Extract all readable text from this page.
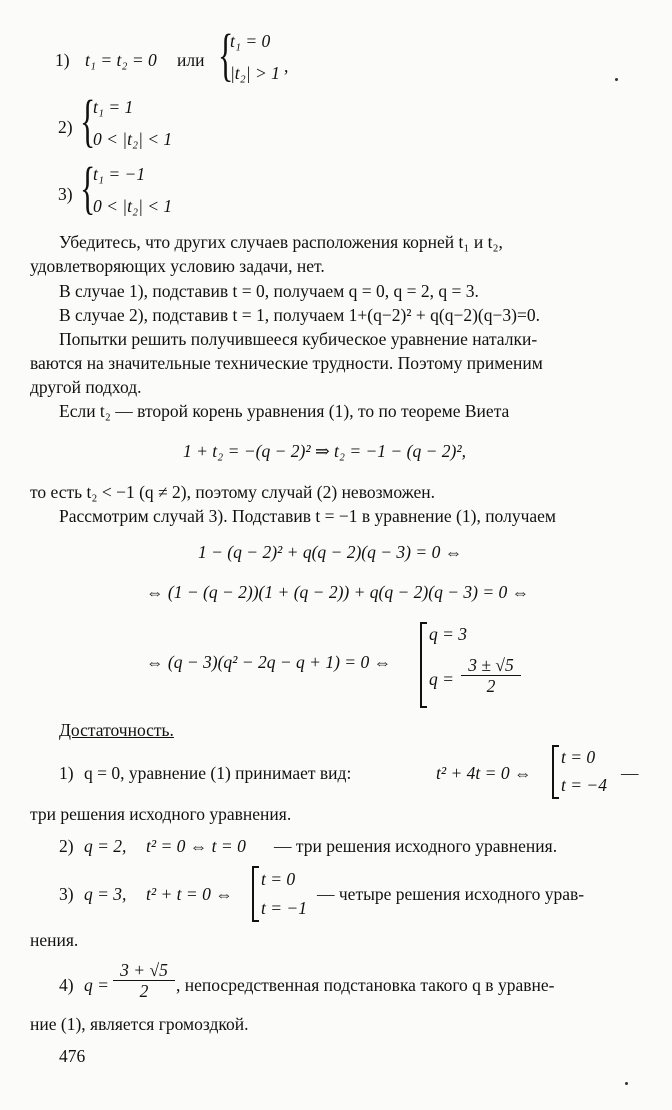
1) t₁ = t₂ = 0 или {
t₁ = 0
|t₂| > 1 ,
2) {
t₁ = 1
0 < |t₂| < 1
3) {
t₁ = −1
0 < |t₂| < 1
Убедитесь, что других случаев расположения корней t₁ и t₂,
удовлетворяющих условию задачи, нет.
В случае 1), подставив t = 0, получаем q = 0, q = 2, q = 3.
В случае 2), подставив t = 1, получаем 1+(q−2)² + q(q−2)(q−3)=0.
Попытки решить получившееся кубическое уравнение наталки-
ваются на значительные технические трудности. Поэтому применим
другой подход.
Если t₂ — второй корень уравнения (1), то по теореме Виета
1 + t₂ = −(q − 2)² ⇒ t₂ = −1 − (q − 2)²,
то есть t₂ < −1 (q ≠ 2), поэтому случай (2) невозможен.
Рассмотрим случай 3). Подставив t = −1 в уравнение (1), получаем
1 − (q − 2)² + q(q − 2)(q − 3) = 0 ⇔
⇔ (1 − (q − 2))(1 + (q − 2)) + q(q − 2)(q − 3) = 0 ⇔
⇔ (q − 3)(q² − 2q − q + 1) = 0 ⇔
q = 3
q =
3 ± √5
2
Достаточность.
1) q = 0, уравнение (1) принимает вид:	t² + 4t = 0 ⇔
t = 0
t = −4
—
три решения исходного уравнения.
2) q = 2, t² = 0 ⇔ t = 0 — три решения исходного уравнения.
3) q = 3, t² + t = 0 ⇔
t = 0
t = −1
— четыре решения исходного урав-
нения.
4) q =
3 + √5
2	, непосредственная подстановка такого q в уравне-
ние (1), является громоздкой.
476
